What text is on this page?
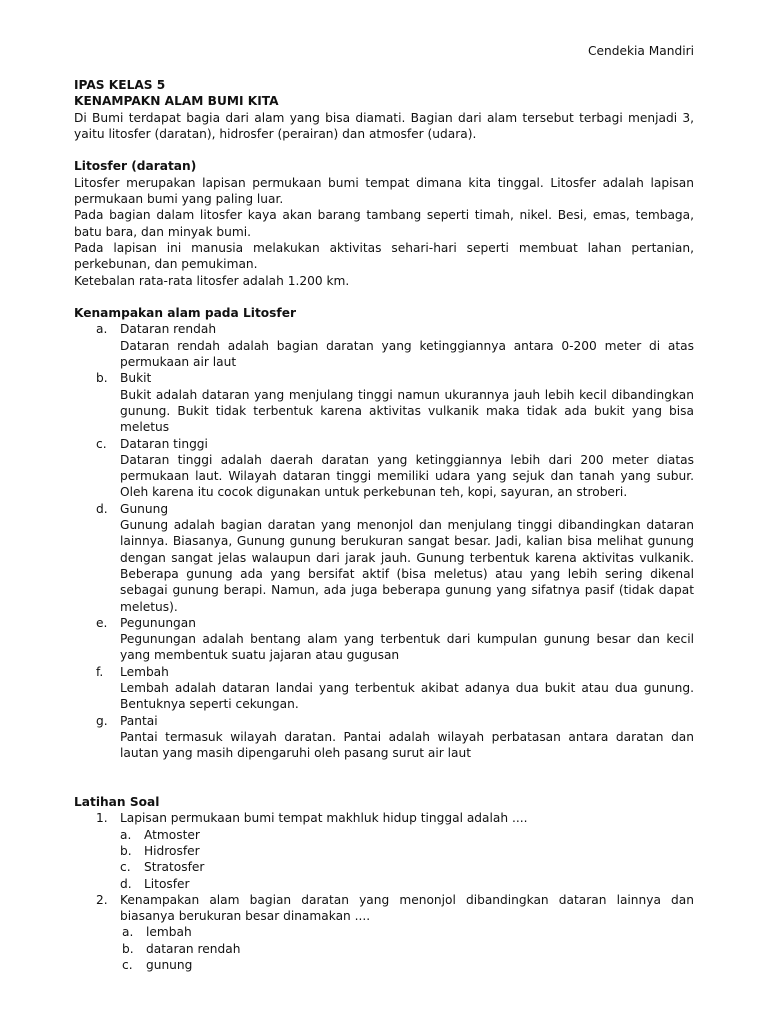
Cendekia Mandiri
IPAS KELAS 5
KENAMPAKN ALAM BUMI KITA
Di Bumi terdapat bagia dari alam yang bisa diamati. Bagian dari alam tersebut terbagi menjadi 3, yaitu litosfer (daratan), hidrosfer (perairan) dan atmosfer (udara).
Litosfer (daratan)
Litosfer merupakan lapisan permukaan bumi tempat dimana kita tinggal. Litosfer adalah lapisan permukaan bumi yang paling luar.
Pada bagian dalam litosfer kaya akan barang tambang seperti timah, nikel. Besi, emas, tembaga, batu bara, dan minyak bumi.
Pada lapisan ini manusia melakukan aktivitas sehari-hari seperti membuat lahan pertanian, perkebunan, dan pemukiman.
Ketebalan rata-rata litosfer adalah 1.200 km.
Kenampakan alam pada Litosfer
a.	Dataran rendah
Dataran rendah adalah bagian daratan yang ketinggiannya antara 0-200 meter di atas permukaan air laut
b.	Bukit
Bukit adalah dataran yang menjulang tinggi namun ukurannya jauh lebih kecil dibandingkan gunung. Bukit tidak terbentuk karena aktivitas vulkanik maka tidak ada bukit yang bisa meletus
c.	Dataran tinggi
Dataran tinggi adalah daerah daratan yang ketinggiannya lebih dari 200 meter diatas permukaan laut. Wilayah dataran tinggi memiliki udara yang sejuk dan tanah yang subur. Oleh karena itu cocok digunakan untuk perkebunan teh, kopi, sayuran, an stroberi.
d.	Gunung
Gunung adalah bagian daratan yang menonjol dan menjulang tinggi dibandingkan dataran lainnya. Biasanya, Gunung gunung berukuran sangat besar. Jadi, kalian bisa melihat gunung dengan sangat jelas walaupun dari jarak jauh. Gunung terbentuk karena aktivitas vulkanik. Beberapa gunung ada yang bersifat aktif (bisa meletus) atau yang lebih sering dikenal sebagai gunung berapi. Namun, ada juga beberapa gunung yang sifatnya pasif (tidak dapat meletus).
e.	Pegunungan
Pegunungan adalah bentang alam yang terbentuk dari kumpulan gunung besar dan kecil yang membentuk suatu jajaran atau gugusan
f.	Lembah
Lembah adalah dataran landai yang terbentuk akibat adanya dua bukit atau dua gunung. Bentuknya seperti cekungan.
g.	Pantai
Pantai termasuk wilayah daratan. Pantai adalah wilayah perbatasan antara daratan dan lautan yang masih dipengaruhi oleh pasang surut air laut
Latihan Soal
1.	Lapisan permukaan bumi tempat makhluk hidup tinggal adalah ....
a.	Atmoster
b.	Hidrosfer
c.	Stratosfer
d.	Litosfer
2.	Kenampakan alam bagian daratan yang menonjol dibandingkan dataran lainnya dan biasanya berukuran besar dinamakan ....
a.	lembah
b.	dataran rendah
c.	gunung
